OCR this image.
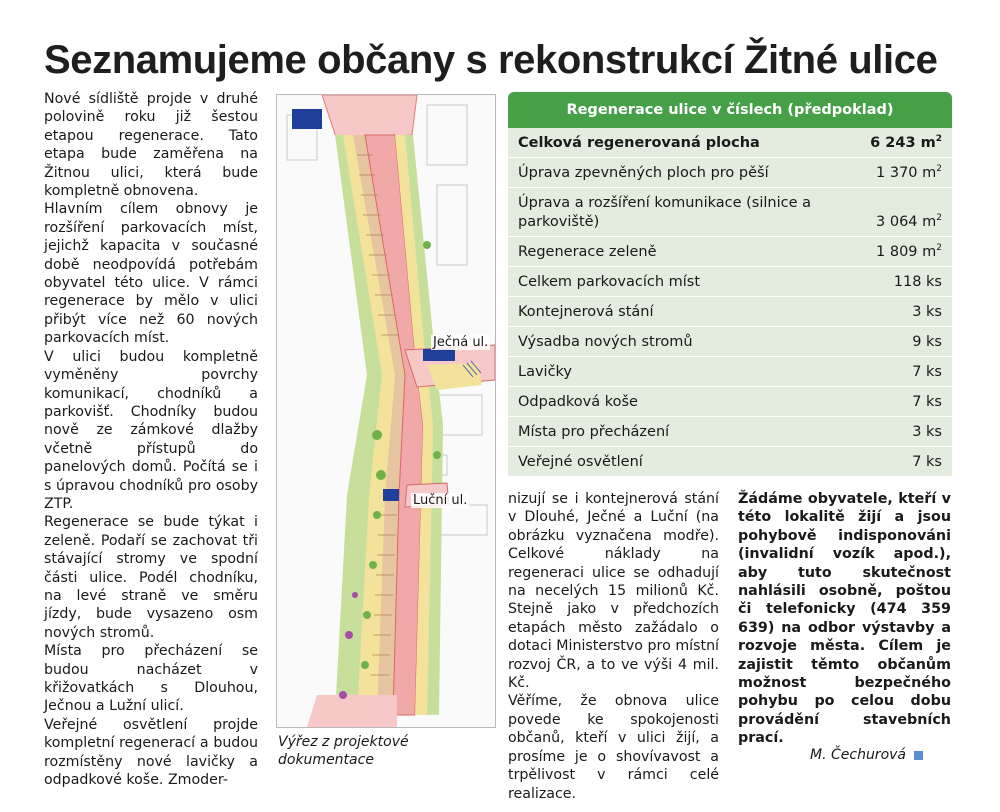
Seznamujeme občany s rekonstrukcí Žitné ulice

Nové sídliště projde v druhé polovině roku již šestou etapou regenerace. Tato etapa bude zaměřena na Žitnou ulici, která bude kompletně obnovena.

Hlavním cílem obnovy je rozšíření parkovacích míst, jejichž kapacita v současné době neodpovídá potřebám obyvatel této ulice. V rámci regenerace by mělo v ulici přibýt více než 60 nových parkovacích míst.

V ulici budou kompletně vyměněny povrchy komunikací, chodníků a parkovišť. Chodníky budou nově ze zámkové dlažby včetně přístupů do panelových domů. Počítá se i s úpravou chodníků pro osoby ZTP.

Regenerace se bude týkat i zeleně. Podaří se zachovat tři stávající stromy ve spodní části ulice. Podél chodníku, na levé straně ve směru jízdy, bude vysazeno osm nových stromů.

Místa pro přecházení se budou nacházet v křižovatkách s Dlouhou, Ječnou a Lužní ulicí.

Veřejné osvětlení projde kompletní regenerací a budou rozmístěny nové lavičky a odpadkové koše. Zmoder-

Ječná ul.
Luční ul.
Výřez z projektové dokumentace
Regenerace ulice v číslech (předpoklad)
Celková regenerovaná plocha	6 243 $m^2$
Úprava zpevněných ploch pro pěší	1 370 $m^2$
Úprava a rozšíření komunikace (silnice a parkoviště)	3 064 $m^2$
Regenerace zeleně	1 809 $m^2$
Celkem parkovacích míst	118 ks
Kontejnerová stání	3 ks
Výsadba nových stromů	9 ks
Lavičky	7 ks
Odpadková koše	7 ks
Místa pro přecházení	3 ks
Veřejné osvětlení	7 ks

nizují se i kontejnerová stání v Dlouhé, Ječné a Luční (na obrázku vyznačena modře). Celkové náklady na regeneraci ulice se odhadují na necelých 15 milionů Kč. Stejně jako v předchozích etapách město zažádalo o dotaci Ministerstvo pro místní rozvoj ČR, a to ve výši 4 mil. Kč.

Věříme, že obnova ulice povede ke spokojenosti občanů, kteří v ulici žijí, a prosíme je o shovívavost a trpělivost v rámci celé realizace.

Žádáme obyvatele, kteří v této lokalitě žijí a jsou pohybově indisponováni (invalidní vozík apod.), aby tuto skutečnost nahlásili osobně, poštou či telefonicky (474 359 639) na odbor výstavby a rozvoje města. Cílem je zajistit těmto občanům možnost bezpečného pohybu po celou dobu provádění stavebních prací.

M. Čechurová
